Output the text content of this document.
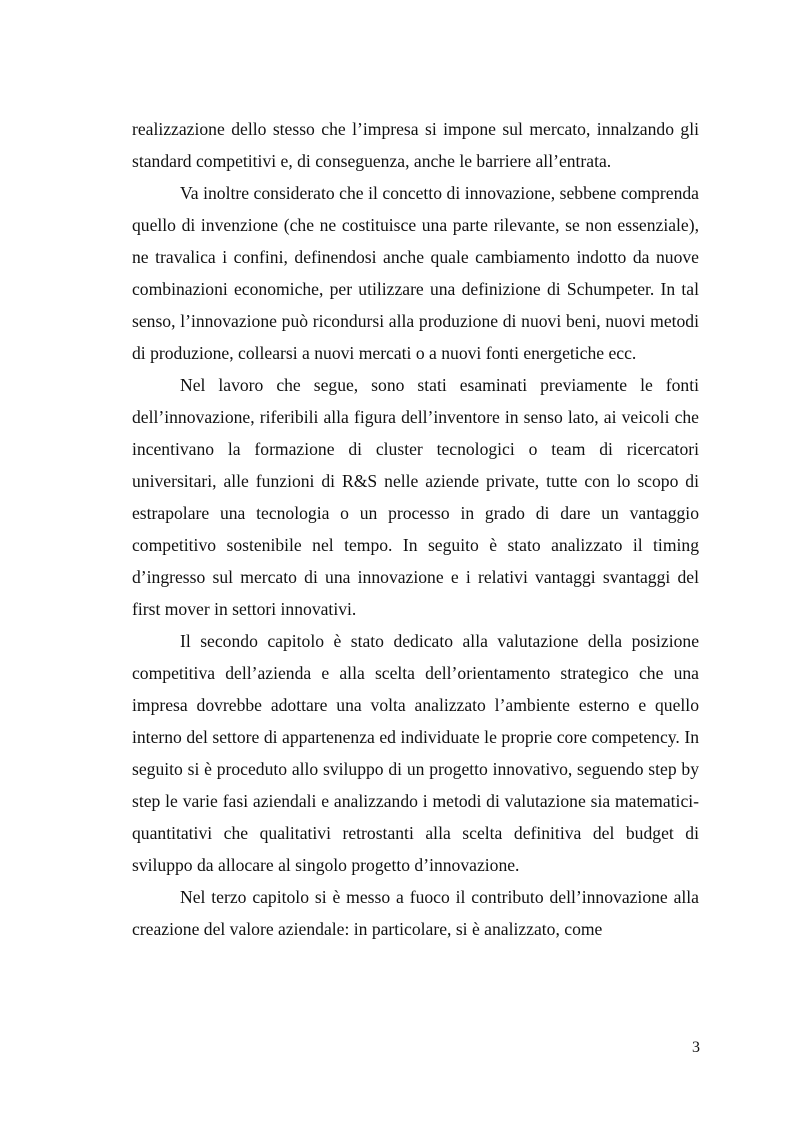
realizzazione dello stesso che l’impresa si impone sul mercato, innalzando gli standard competitivi e, di conseguenza, anche le barriere all’entrata.

Va inoltre considerato che il concetto di innovazione, sebbene comprenda quello di invenzione (che ne costituisce una parte rilevante, se non essenziale), ne travalica i confini, definendosi anche quale cambiamento indotto da nuove combinazioni economiche, per utilizzare una definizione di Schumpeter. In tal senso, l’innovazione può ricondursi alla produzione di nuovi beni, nuovi metodi di produzione, collearsi a nuovi mercati o a nuovi fonti energetiche ecc.

Nel lavoro che segue, sono stati esaminati previamente le fonti dell’innovazione, riferibili alla figura dell’inventore in senso lato, ai veicoli che incentivano la formazione di cluster tecnologici o team di ricercatori universitari, alle funzioni di R&S nelle aziende private, tutte con lo scopo di estrapolare una tecnologia o un processo in grado di dare un vantaggio competitivo sostenibile nel tempo. In seguito è stato analizzato il timing d’ingresso sul mercato di una innovazione e i relativi vantaggi svantaggi del first mover in settori innovativi.

Il secondo capitolo è stato dedicato alla valutazione della posizione competitiva dell’azienda e alla scelta dell’orientamento strategico che una impresa dovrebbe adottare una volta analizzato l’ambiente esterno e quello interno del settore di appartenenza ed individuate le proprie core competency. In seguito si è proceduto allo sviluppo di un progetto innovativo, seguendo step by step le varie fasi aziendali e analizzando i metodi di valutazione sia matematici-quantitativi che qualitativi retrostanti alla scelta definitiva del budget di sviluppo da allocare al singolo progetto d’innovazione.

Nel terzo capitolo si è messo a fuoco il contributo dell’innovazione alla creazione del valore aziendale: in particolare, si è analizzato, come

3
